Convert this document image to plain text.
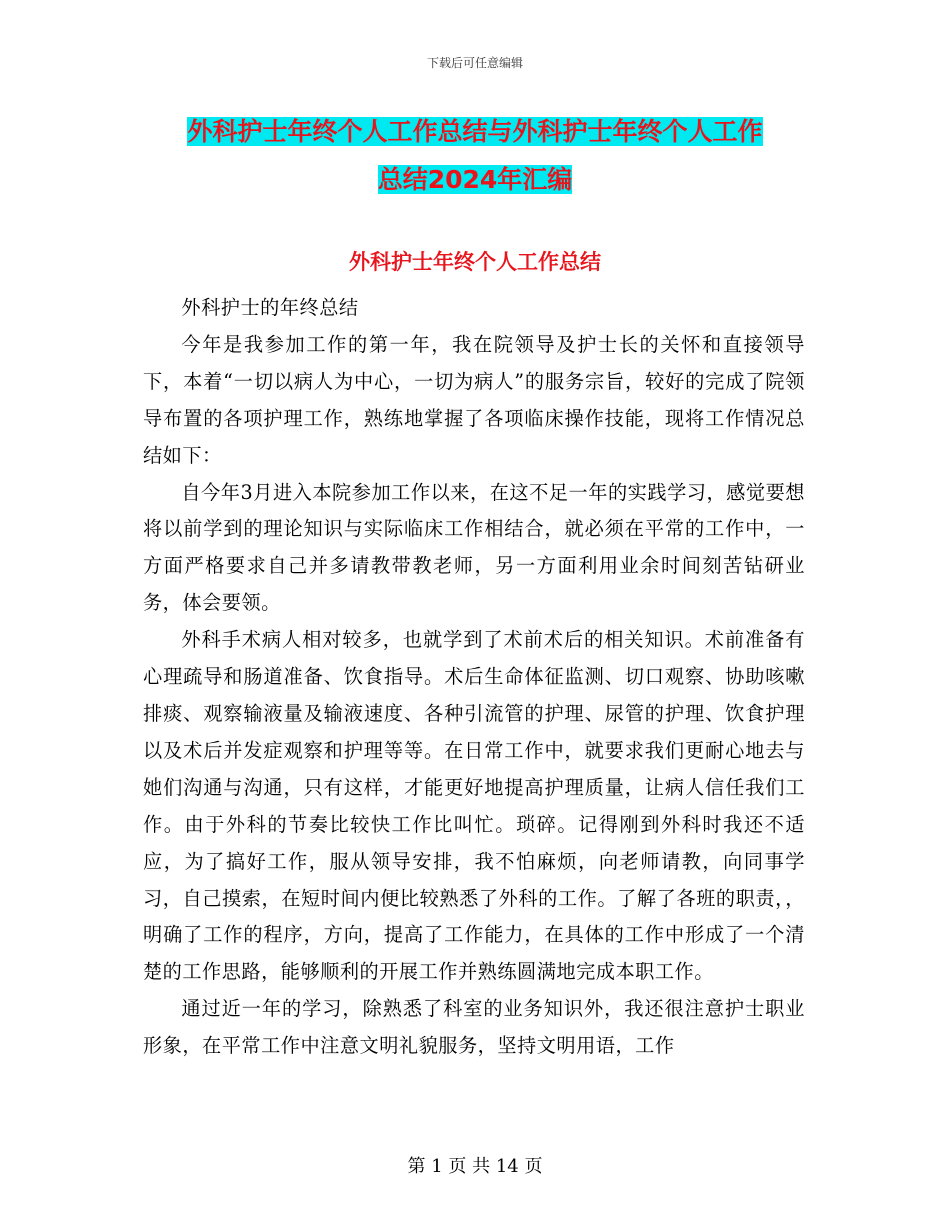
下载后可任意编辑
外科护士年终个人工作总结与外科护士年终个人工作
总结2024年汇编
外科护士年终个人工作总结

外科护士的年终总结

今年是我参加工作的第一年，我在院领导及护士长的关怀和直接领导下，本着“一切以病人为中心，一切为病人”的服务宗旨，较好的完成了院领导布置的各项护理工作，熟练地掌握了各项临床操作技能，现将工作情况总结如下：

自今年3月进入本院参加工作以来，在这不足一年的实践学习，感觉要想将以前学到的理论知识与实际临床工作相结合，就必须在平常的工作中，一方面严格要求自己并多请教带教老师，另一方面利用业余时间刻苦钻研业务，体会要领。

外科手术病人相对较多，也就学到了术前术后的相关知识。术前准备有心理疏导和肠道准备、饮食指导。术后生命体征监测、切口观察、协助咳嗽排痰、观察输液量及输液速度、各种引流管的护理、尿管的护理、饮食护理以及术后并发症观察和护理等等。在日常工作中，就要求我们更耐心地去与她们沟通与沟通，只有这样，才能更好地提高护理质量，让病人信任我们工作。由于外科的节奏比较快工作比叫忙。琐碎。记得刚到外科时我还不适应，为了搞好工作，服从领导安排，我不怕麻烦，向老师请教，向同事学习，自己摸索，在短时间内便比较熟悉了外科的工作。了解了各班的职责，，明确了工作的程序，方向，提高了工作能力，在具体的工作中形成了一个清楚的工作思路，能够顺利的开展工作并熟练圆满地完成本职工作。

通过近一年的学习，除熟悉了科室的业务知识外，我还很注意护士职业形象，在平常工作中注意文明礼貌服务，坚持文明用语，工作

第 1 页 共 14 页
